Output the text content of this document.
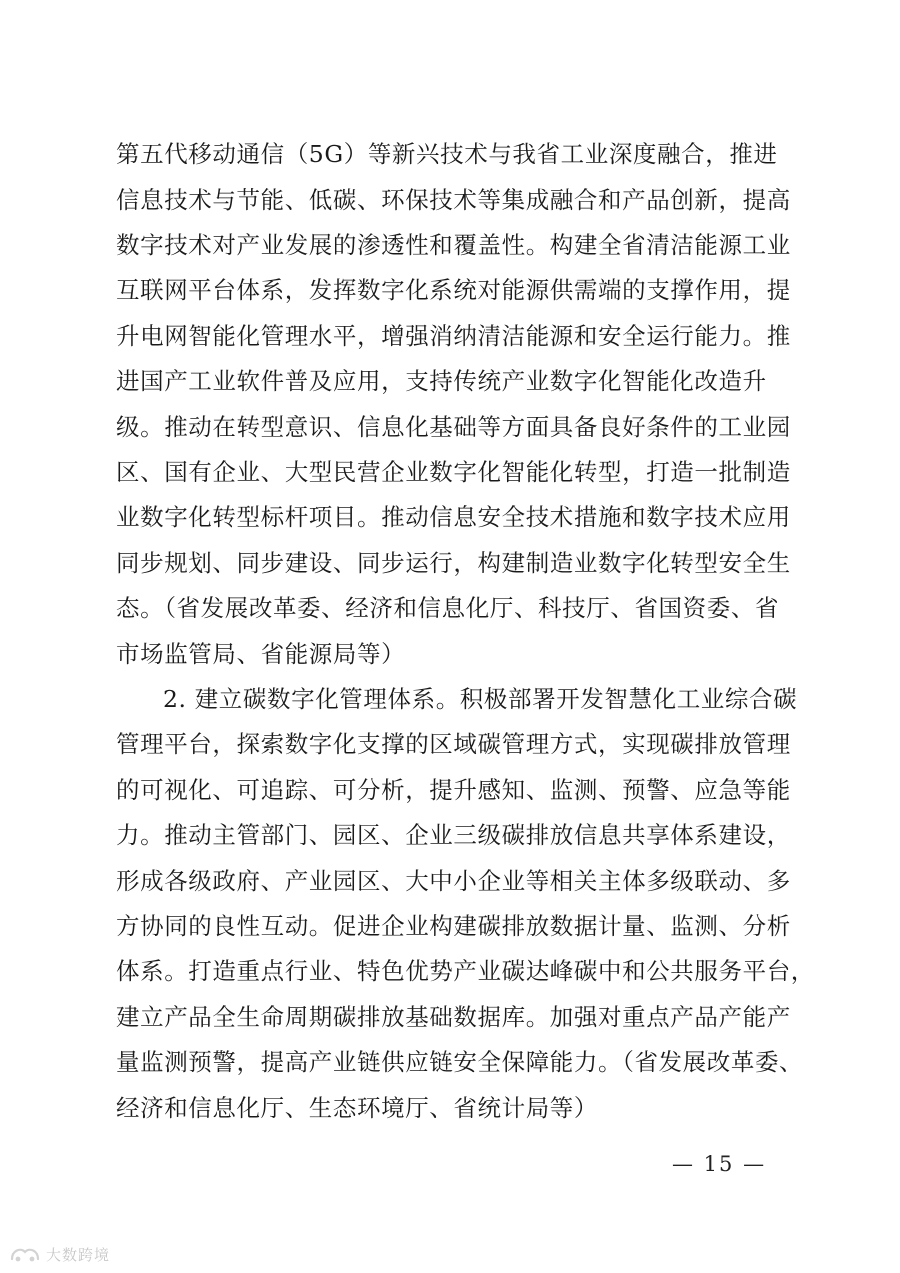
第五代移动通信（5G）等新兴技术与我省工业深度融合，推进
信息技术与节能、低碳、环保技术等集成融合和产品创新，提高
数字技术对产业发展的渗透性和覆盖性。构建全省清洁能源工业
互联网平台体系，发挥数字化系统对能源供需端的支撑作用，提
升电网智能化管理水平，增强消纳清洁能源和安全运行能力。推
进国产工业软件普及应用，支持传统产业数字化智能化改造升
级。推动在转型意识、信息化基础等方面具备良好条件的工业园
区、国有企业、大型民营企业数字化智能化转型，打造一批制造
业数字化转型标杆项目。推动信息安全技术措施和数字技术应用
同步规划、同步建设、同步运行，构建制造业数字化转型安全生
态。（省发展改革委、经济和信息化厅、科技厅、省国资委、省
市场监管局、省能源局等）
2. 建立碳数字化管理体系。积极部署开发智慧化工业综合碳
管理平台，探索数字化支撑的区域碳管理方式，实现碳排放管理
的可视化、可追踪、可分析，提升感知、监测、预警、应急等能
力。推动主管部门、园区、企业三级碳排放信息共享体系建设，
形成各级政府、产业园区、大中小企业等相关主体多级联动、多
方协同的良性互动。促进企业构建碳排放数据计量、监测、分析
体系。打造重点行业、特色优势产业碳达峰碳中和公共服务平台，
建立产品全生命周期碳排放基础数据库。加强对重点产品产能产
量监测预警，提高产业链供应链安全保障能力。（省发展改革委、
经济和信息化厅、生态环境厅、省统计局等）
— 15 —
大数跨境
